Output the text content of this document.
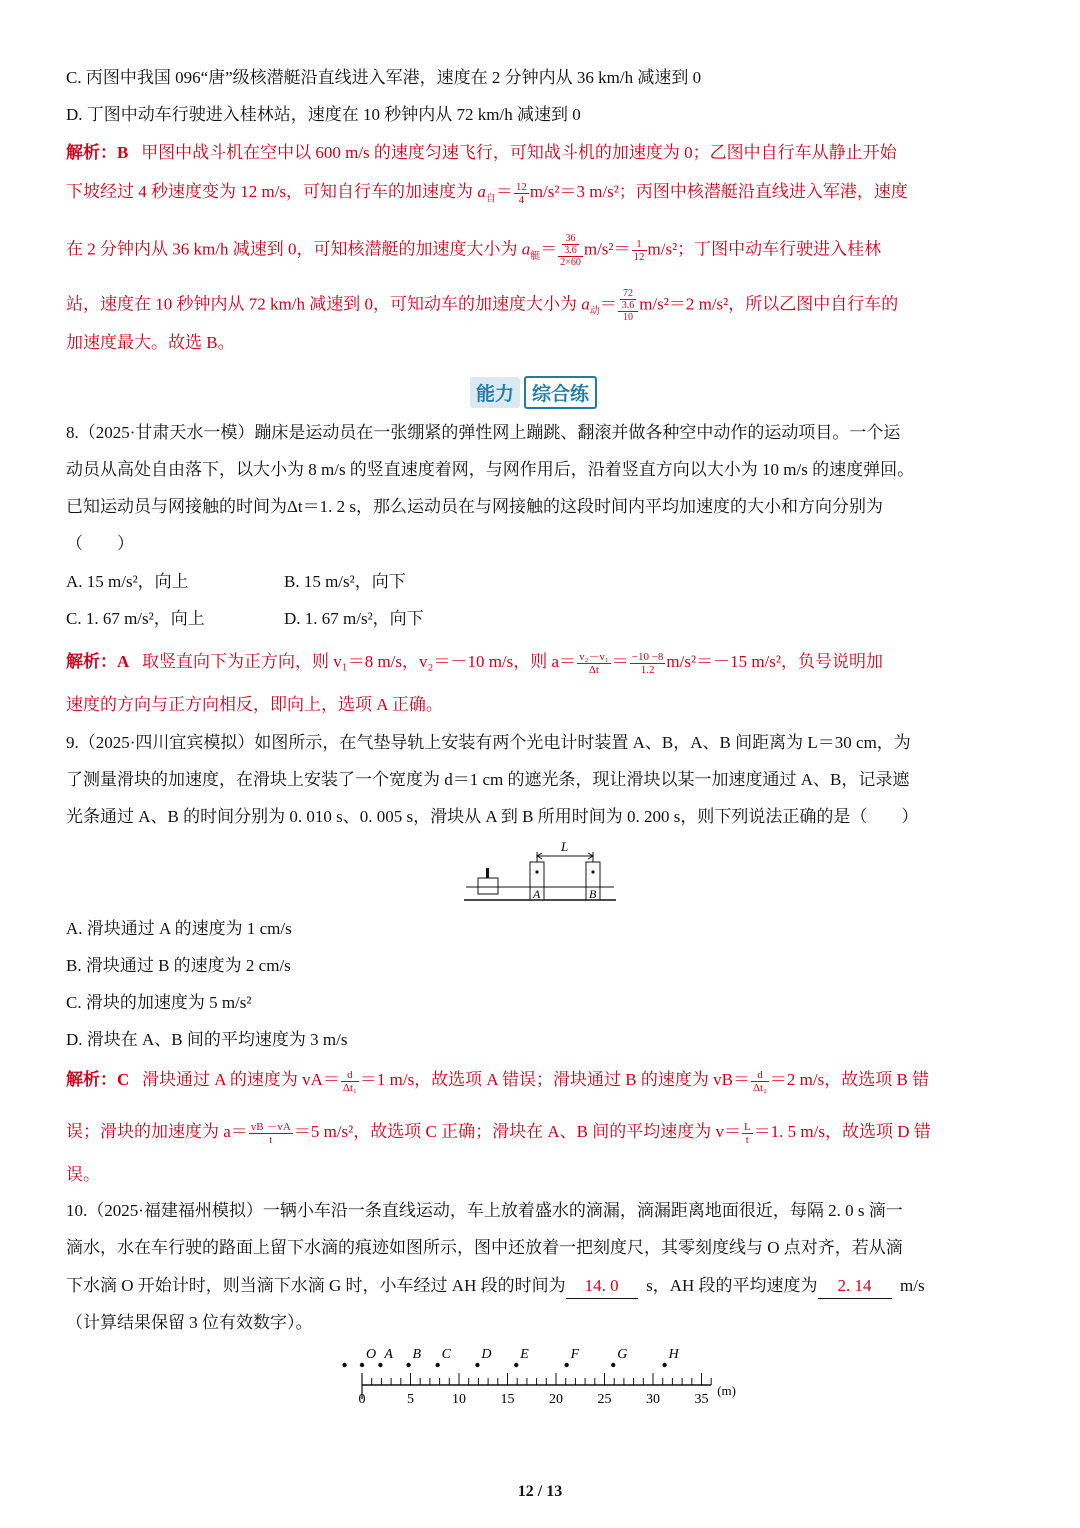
C. 丙图中我国 096“唐”级核潜艇沿直线进入军港，速度在 2 分钟内从 36 km/h 减速到 0
D. 丁图中动车行驶进入桂林站，速度在 10 秒钟内从 72 km/h 减速到 0
解析：B 甲图中战斗机在空中以 600 m/s 的速度匀速飞行，可知战斗机的加速度为 0；乙图中自行车从静止开始
下坡经过 4 秒速度变为 12 m/s，可知自行车的加速度为 $a_自= \frac{12}{4} m/s^2=3$ m/s²；丙图中核潜艇沿直线进入军港，速度
在 2 分钟内从 36 km/h 减速到 0，可知核潜艇的加速度大小为 $a_艇= \frac{\frac{36}{3.6}}{2\times 60} m/s^2= \frac{1}{12} m/s^2$；丁图中动车行驶进入桂林
站，速度在 10 秒钟内从 72 km/h 减速到 0，可知动车的加速度大小为 $a_动= \frac{\frac{72}{3.6}}{10} m/s^2=2$ m/s²，所以乙图中自行车的
加速度最大。故选 B。
能力 综合练
8.（2025·甘肃天水一模）蹦床是运动员在一张绷紧的弹性网上蹦跳、翻滚并做各种空中动作的运动项目。一个运
动员从高处自由落下，以大小为 8 m/s 的竖直速度着网，与网作用后，沿着竖直方向以大小为 10 m/s 的速度弹回。
已知运动员与网接触的时间为Δt＝1. 2 s，那么运动员在与网接触的这段时间内平均加速度的大小和方向分别为
（　　）
A. 15 m/s²，向上	B. 15 m/s²，向下
C. 1. 67 m/s²，向上	D. 1. 67 m/s²，向下
解析：A 取竖直向下为正方向，则 v₁＝8 m/s，v₂＝－10 m/s，则 $a= \frac{\text{v₂－v₁}}{\Delta t} = \frac{-10 -8}{1.2} m/s^2=-15$ m/s²，负号说明加
速度的方向与正方向相反，即向上，选项 A 正确。
9.（2025·四川宜宾模拟）如图所示，在气垫导轨上安装有两个光电计时装置 A、B，A、B 间距离为 L＝30 cm，为
了测量滑块的加速度，在滑块上安装了一个宽度为 d＝1 cm 的遮光条，现让滑块以某一加速度通过 A、B，记录遮
光条通过 A、B 的时间分别为 0. 010 s、0. 005 s，滑块从 A 到 B 所用时间为 0. 200 s，则下列说法正确的是（　　）
L
A	B
A. 滑块通过 A 的速度为 1 cm/s
B. 滑块通过 B 的速度为 2 cm/s
C. 滑块的加速度为 5 m/s²
D. 滑块在 A、B 间的平均速度为 3 m/s
解析：C 滑块通过 A 的速度为 $vA= \frac{d}{\text{Δt₁}} =1$ m/s，故选项 A 错误；滑块通过 B 的速度为 $vB= \frac{d}{\text{Δt₂}} =2$ m/s，故选项 B 错
误；滑块的加速度为 $a= \frac{vB -vA}{t} =5$ m/s²，故选项 C 正确；滑块在 A、B 间的平均速度为 $v= \frac{L}{t} =1$. 5 m/s，故选项 D 错
误。
10.（2025·福建福州模拟）一辆小车沿一条直线运动，车上放着盛水的滴漏，滴漏距离地面很近，每隔 2. 0 s 滴一
滴水，水在车行驶的路面上留下水滴的痕迹如图所示，图中还放着一把刻度尺，其零刻度线与 O 点对齐，若从滴
下水滴 O 开始计时，则当滴下水滴 G 时，小车经过 AH 段的时间为 14. 0 s，AH 段的平均速度为 2. 14 m/s
（计算结果保留 3 位有效数字）。
0	5	10 15 20 25 30 35
(m)
O A B C D E	F	G	H
12 / 13
